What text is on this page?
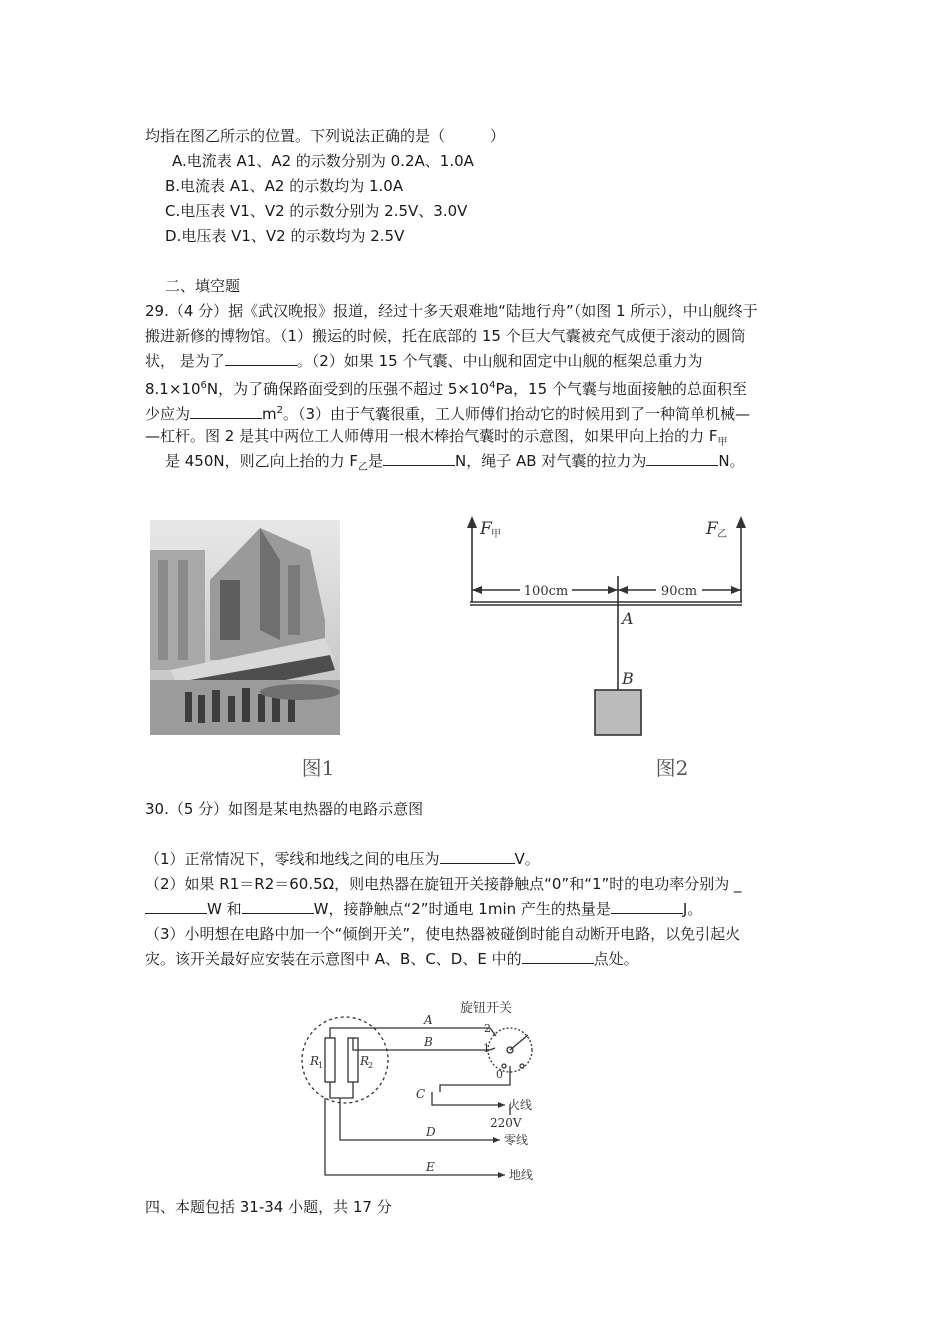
均指在图乙所示的位置。下列说法正确的是（　　　）
A.电流表 A1、A2 的示数分别为 0.2A、1.0A
B.电流表 A1、A2 的示数均为 1.0A
C.电压表 V1、V2 的示数分别为 2.5V、3.0V
D.电压表 V1、V2 的示数均为 2.5V
二、填空题
29.（4 分）据《武汉晚报》报道，经过十多天艰难地“陆地行舟”（如图 1 所示），中山舰终于
搬进新修的博物馆。（1）搬运的时候，托在底部的 15 个巨大气囊被充气成便于滚动的圆筒
状， 是为了	。（2）如果 15 个气囊、中山舰和固定中山舰的框架总重力为
$8.1\times 10^6N$，为了确保路面受到的压强不超过 $5\times 10^4Pa$，15 个气囊与地面接触的总面积至
少应为	$m^2$。（3）由于气囊很重，工人师傅们抬动它的时候用到了一种简单机械—
—杠杆。图 2 是其中两位工人师傅用一根木棒抬气囊时的示意图，如果甲向上抬的力 $F_甲$
是 450N，则乙向上抬的力 $F_乙$是	N，绳子 AB 对气囊的拉力为	N。
图1
F 甲	F 乙
100cm	90cm
A
B
图2
30.（5 分）如图是某电热器的电路示意图
（1）正常情况下，零线和地线之间的电压为	V。
（2）如果 R1＝R2＝60.5Ω，则电热器在旋钮开关接静触点“0”和“1”时的电功率分别为 _
W 和	W，接静触点“2”时通电 1min 产生的热量是	J。
（3）小明想在电路中加一个“倾倒开关”，使电热器被碰倒时能自动断开电路，以免引起火
灾。该开关最好应安装在示意图中 A、B、C、D、E 中的	点处。
旋钮开关
R
1	R
2
A
B
C
D
E
2
1
0
火线
220V
零线
地线
四、本题包括 31-34 小题，共 17 分
